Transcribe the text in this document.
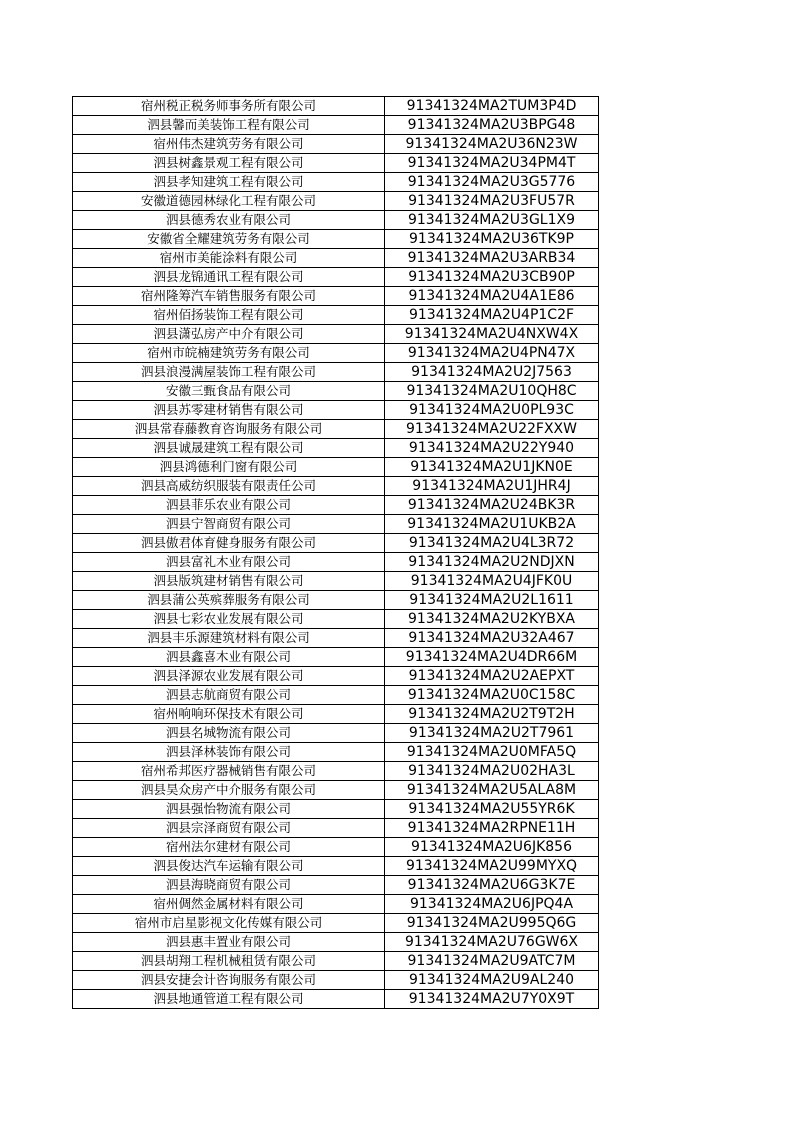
宿州税正税务师事务所有限公司	91341324MA2TUM3P4D
泗县馨而美装饰工程有限公司	91341324MA2U3BPG48
宿州伟杰建筑劳务有限公司	91341324MA2U36N23W
泗县树鑫景观工程有限公司	91341324MA2U34PM4T
泗县孝知建筑工程有限公司	91341324MA2U3G5776
安徽道德园林绿化工程有限公司	91341324MA2U3FU57R
泗县德秀农业有限公司	91341324MA2U3GL1X9
安徽省全耀建筑劳务有限公司	91341324MA2U36TK9P
宿州市美能涂料有限公司	91341324MA2U3ARB34
泗县龙锦通讯工程有限公司	91341324MA2U3CB90P
宿州隆筹汽车销售服务有限公司	91341324MA2U4A1E86
宿州佰扬装饰工程有限公司	91341324MA2U4P1C2F
泗县潇弘房产中介有限公司	91341324MA2U4NXW4X
宿州市皖楠建筑劳务有限公司	91341324MA2U4PN47X
泗县浪漫满屋装饰工程有限公司	91341324MA2U2J7563
安徽三甄食品有限公司	91341324MA2U10QH8C
泗县苏零建材销售有限公司	91341324MA2U0PL93C
泗县常春藤教育咨询服务有限公司	91341324MA2U22FXXW
泗县诚晟建筑工程有限公司	91341324MA2U22Y940
泗县鸿德利门窗有限公司	91341324MA2U1JKN0E
泗县高威纺织服装有限责任公司	91341324MA2U1JHR4J
泗县菲乐农业有限公司	91341324MA2U24BK3R
泗县宁智商贸有限公司	91341324MA2U1UKB2A
泗县傲君体育健身服务有限公司	91341324MA2U4L3R72
泗县富礼木业有限公司	91341324MA2U2NDJXN
泗县版筑建材销售有限公司	91341324MA2U4JFK0U
泗县蒲公英殡葬服务有限公司	91341324MA2U2L1611
泗县七彩农业发展有限公司	91341324MA2U2KYBXA
泗县丰乐源建筑材料有限公司	91341324MA2U32A467
泗县鑫喜木业有限公司	91341324MA2U4DR66M
泗县泽源农业发展有限公司	91341324MA2U2AEPXT
泗县志航商贸有限公司	91341324MA2U0C158C
宿州响响环保技术有限公司	91341324MA2U2T9T2H
泗县名城物流有限公司	91341324MA2U2T7961
泗县泽林装饰有限公司	91341324MA2U0MFA5Q
宿州希邦医疗器械销售有限公司	91341324MA2U02HA3L
泗县昊众房产中介服务有限公司	91341324MA2U5ALA8M
泗县强怡物流有限公司	91341324MA2U55YR6K
泗县宗泽商贸有限公司	91341324MA2RPNE11H
宿州法尔建材有限公司	91341324MA2U6JK856
泗县俊达汽车运输有限公司	91341324MA2U99MYXQ
泗县海晓商贸有限公司	91341324MA2U6G3K7E
宿州倜然金属材料有限公司	91341324MA2U6JPQ4A
宿州市启星影视文化传媒有限公司	91341324MA2U995Q6G
泗县惠丰置业有限公司	91341324MA2U76GW6X
泗县胡翔工程机械租赁有限公司	91341324MA2U9ATC7M
泗县安捷会计咨询服务有限公司	91341324MA2U9AL240
泗县地通管道工程有限公司	91341324MA2U7Y0X9T
